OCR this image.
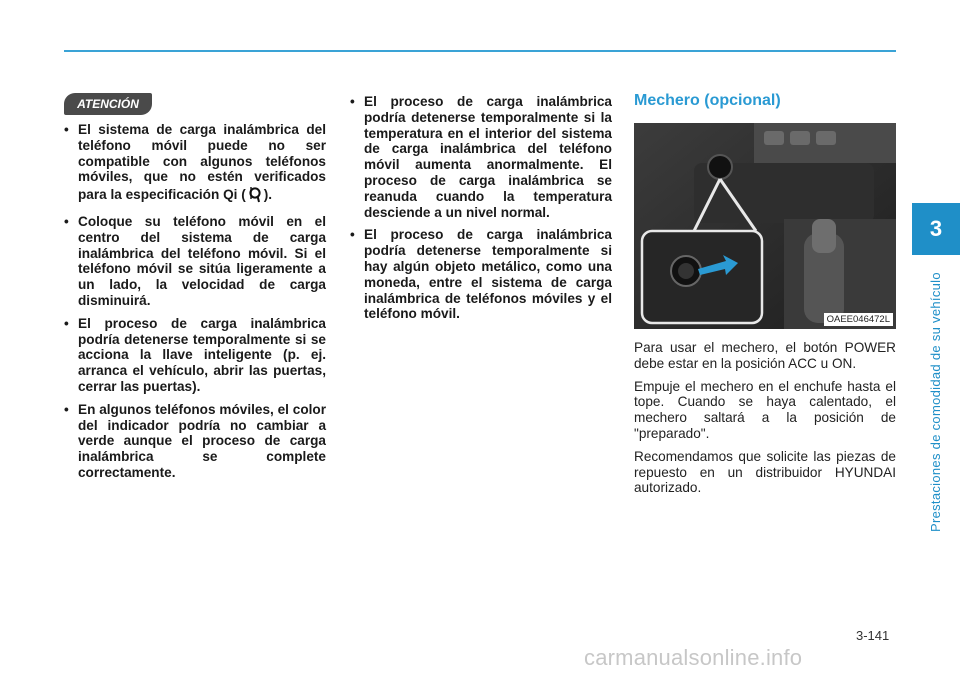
3
Prestaciones de comodidad de su vehículo
ATENCIÓN
• El sistema de carga inalámbrica del teléfono móvil puede no ser compatible con algunos teléfonos móviles, que no estén verificados para la especificación Qi ( ).
• Coloque su teléfono móvil en el centro del sistema de carga inalámbrica del teléfono móvil. Si el teléfono móvil se sitúa ligeramente a un lado, la velocidad de carga disminuirá.
• El proceso de carga inalámbrica podría detenerse temporalmente si se acciona la llave inteligente (p. ej. arranca el vehículo, abrir las puertas, cerrar las puertas).
• En algunos teléfonos móviles, el color del indicador podría no cambiar a verde aunque el proceso de carga inalámbrica se complete correctamente.
• El proceso de carga inalámbrica podría detenerse temporalmente si la temperatura en el interior del sistema de carga inalámbrica del teléfono móvil aumenta anormalmente. El proceso de carga inalámbrica se reanuda cuando la temperatura desciende a un nivel normal.
• El proceso de carga inalámbrica podría detenerse temporalmente si hay algún objeto metálico, como una moneda, entre el sistema de carga inalámbrica de teléfonos móviles y el teléfono móvil.
Mechero (opcional)
OAEE046472L

Para usar el mechero, el botón POWER debe estar en la posición ACC u ON.

Empuje el mechero en el enchufe hasta el tope. Cuando se haya calentado, el mechero saltará a la posición de "preparado".

Recomendamos que solicite las piezas de repuesto en un distribuidor HYUNDAI autorizado.

3-141
carmanualsonline.info
